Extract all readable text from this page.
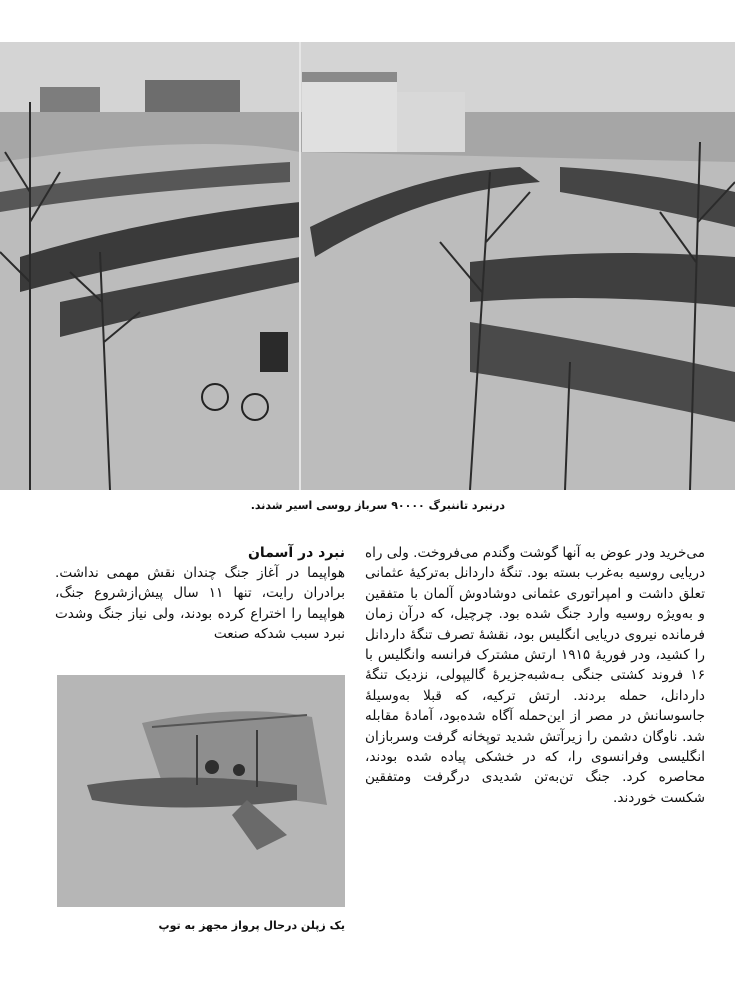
درنبرد تاننبرگ ۹۰۰۰۰ سرباز روسی اسیر شدند.

می‌خرید ودر عوض به آنها گوشت وگندم می‌فروخت. ولی راه دریایی روسیه به‌غرب بسته بود. تنگهٔ داردانل به‌ترکیهٔ عثمانی تعلق داشت و امپراتوری عثمانی دوشادوش آلمان با متفقین و به‌ویژه روسیه وارد جنگ شده بود. چرچیل، که درآن زمان فرمانده نیروی دریایی انگلیس بود، نقشهٔ تصرف تنگهٔ داردانل را کشید، ودر فوریهٔ ۱۹۱۵ ارتش مشترک فرانسه وانگلیس با ۱۶ فروند کشتی جنگی بـه‌شبه‌جزیرهٔ گالیپولی، نزدیک تنگهٔ داردانل، حمله بردند. ارتش ترکیه، که قبلا به‌وسیلهٔ جاسوسانش در مصر از این‌حمله آگاه شده‌بود، آمادهٔ مقابله شد. ناوگان دشمن را زیرآتش شدید توپخانه گرفت وسربازان انگلیسی وفرانسوی را، که در خشکی پیاده شده بودند، محاصره کرد. جنگ تن‌به‌تن شدیدی درگرفت ومتفقین شکست خوردند.

نبرد در آسمان

هواپیما در آغاز جنگ چندان نقش مهمی نداشت. برادران رایت، تنها ۱۱ سال پیش‌ازشروع جنگ، هواپیما را اختراع کرده بودند، ولی نیاز جنگ وشدت نبرد سبب شدکه صنعت

یک زپلن درحال پرواز مجهز به توپ
